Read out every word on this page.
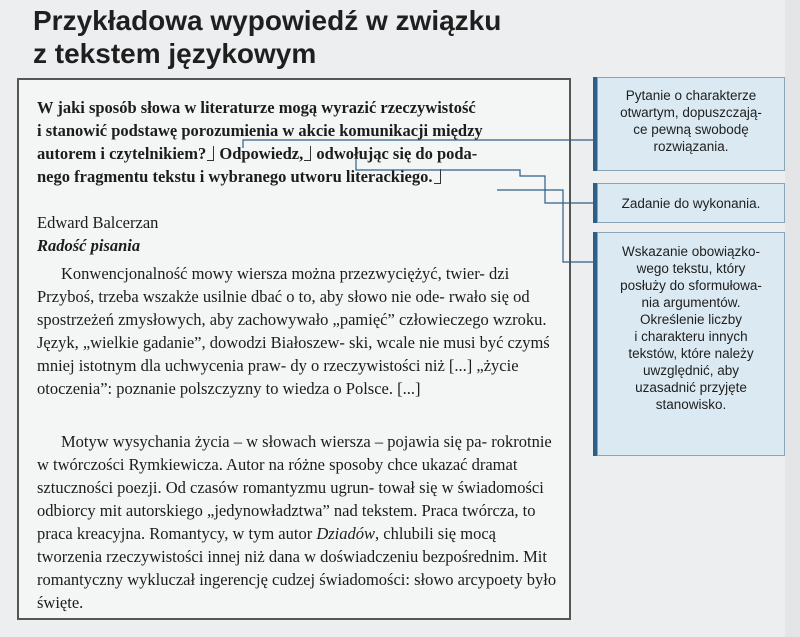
Przykładowa wypowiedź w związku
z tekstem językowym

W jaki sposób słowa w literaturze mogą wyrazić rzeczywistość

i stanowić podstawę porozumienia w akcie komunikacji między

autorem i czytelnikiem? Odpowiedz, odwołując się do poda-

nego fragmentu tekstu i wybranego utworu literackiego.

Edward Balcerzan
Radość pisania

Konwencjonalność mowy wiersza można przezwyciężyć, twier- dzi Przyboś, trzeba wszakże usilnie dbać o to, aby słowo nie ode- rwało się od spostrzeżeń zmysłowych, aby zachowywało „pamięć” człowieczego wzroku. Język, „wielkie gadanie”, dowodzi Białoszew- ski, wcale nie musi być czymś mniej istotnym dla uchwycenia praw- dy o rzeczywistości niż [...] „życie otoczenia”: poznanie polszczyzny to wiedza o Polsce. [...]

Motyw wysychania życia – w słowach wiersza – pojawia się pa- rokrotnie w twórczości Rymkiewicza. Autor na różne sposoby chce ukazać dramat sztuczności poezji. Od czasów romantyzmu ugrun- tował się w świadomości odbiorcy mit autorskiego „jedynowładztwa” nad tekstem. Praca twórcza, to praca kreacyjna. Romantycy, w tym autor Dziadów, chlubili się mocą tworzenia rzeczywistości innej niż dana w doświadczeniu bezpośrednim. Mit romantyczny wykluczał ingerencję cudzej świadomości: słowo arcypoety było święte.

Pytanie o charakterze

otwartym, dopuszczają-

ce pewną swobodę

rozwiązania.

Zadanie do wykonania.

Wskazanie obowiązko-
wego tekstu, który
posłuży do sformułowa-
nia argumentów.

Określenie liczby
i charakteru innych
tekstów, które należy
uwzględnić, aby
uzasadnić przyjęte
stanowisko.
